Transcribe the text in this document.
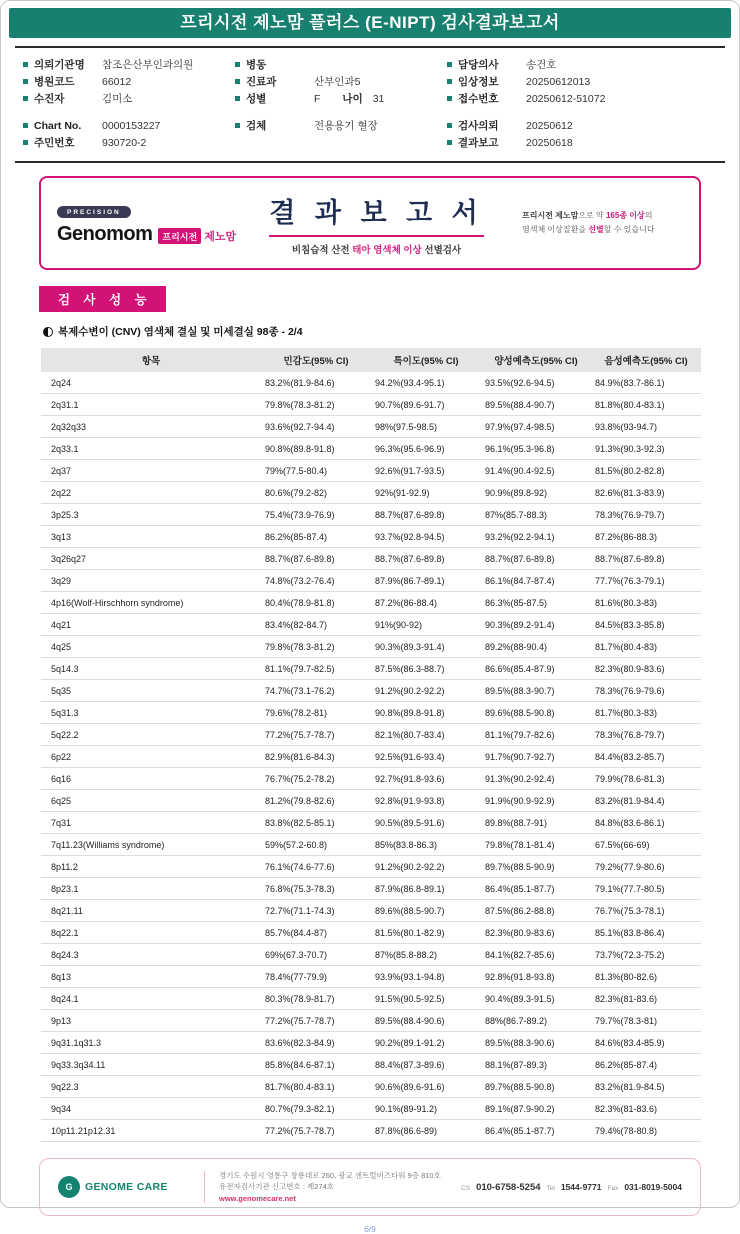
프리시전 제노맘 플러스 (E-NIPT) 검사결과보고서
의뢰기관명	참조은산부인과의원
병원코드	66012
수진자	김미소
Chart No.	0000153227
주민번호	930720-2
병동
진료과	산부인과5
성별	F 나이 31
검체	전용용기 혈장
담당의사	송건호
임상정보	20250612013
접수번호	20250612-51072
검사의뢰	20250612
결과보고	20250618
PRECISION
Genomom	프리시전 제노맘
결 과 보 고 서
비침습적 산전 태아 염색체 이상 선별검사
프리시전 제노맘으로 약 165종 이상의
염색체 이상질환을 선별할 수 있습니다
검 사 성 능
복제수변이 (CNV) 염색체 결실 및 미세결실 98종 - 2/4
항목	민감도(95% CI)	특이도(95% CI)	양성예측도(95% CI)	음성예측도(95% CI)
2q24	83.2%(81.9-84.6)	94.2%(93.4-95.1)	93.5%(92.6-94.5)	84.9%(83.7-86.1)
2q31.1	79.8%(78.3-81.2)	90.7%(89.6-91.7)	89.5%(88.4-90.7)	81.8%(80.4-83.1)
2q32q33	93.6%(92.7-94.4)	98%(97.5-98.5)	97.9%(97.4-98.5)	93.8%(93-94.7)
2q33.1	90.8%(89.8-91.8)	96.3%(95.6-96.9)	96.1%(95.3-96.8)	91.3%(90.3-92.3)
2q37	79%(77.5-80.4)	92.6%(91.7-93.5)	91.4%(90.4-92.5)	81.5%(80.2-82.8)
2q22	80.6%(79.2-82)	92%(91-92.9)	90.9%(89.8-92)	82.6%(81.3-83.9)
3p25.3	75.4%(73.9-76.9)	88.7%(87.6-89.8)	87%(85.7-88.3)	78.3%(76.9-79.7)
3q13	86.2%(85-87.4)	93.7%(92.8-94.5)	93.2%(92.2-94.1)	87.2%(86-88.3)
3q26q27	88.7%(87.6-89.8)	88.7%(87.6-89.8)	88.7%(87.6-89.8)	88.7%(87.6-89.8)
3q29	74.8%(73.2-76.4)	87.9%(86.7-89.1)	86.1%(84.7-87.4)	77.7%(76.3-79.1)
4p16(Wolf-Hirschhorn syndrome)	80.4%(78.9-81.8)	87.2%(86-88.4)	86.3%(85-87.5)	81.6%(80.3-83)
4q21	83.4%(82-84.7)	91%(90-92)	90.3%(89.2-91.4)	84.5%(83.3-85.8)
4q25	79.8%(78.3-81.2)	90.3%(89.3-91.4)	89.2%(88-90.4)	81.7%(80.4-83)
5q14.3	81.1%(79.7-82.5)	87.5%(86.3-88.7)	86.6%(85.4-87.9)	82.3%(80.9-83.6)
5q35	74.7%(73.1-76.2)	91.2%(90.2-92.2)	89.5%(88.3-90.7)	78.3%(76.9-79.6)
5q31.3	79.6%(78.2-81)	90.8%(89.8-91.8)	89.6%(88.5-90.8)	81.7%(80.3-83)
5q22.2	77.2%(75.7-78.7)	82.1%(80.7-83.4)	81.1%(79.7-82.6)	78.3%(76.8-79.7)
6p22	82.9%(81.6-84.3)	92.5%(91.6-93.4)	91.7%(90.7-92.7)	84.4%(83.2-85.7)
6q16	76.7%(75.2-78.2)	92.7%(91.8-93.6)	91.3%(90.2-92.4)	79.9%(78.6-81.3)
6q25	81.2%(79.8-82.6)	92.8%(91.9-93.8)	91.9%(90.9-92.9)	83.2%(81.9-84.4)
7q31	83.8%(82.5-85.1)	90.5%(89.5-91.6)	89.8%(88.7-91)	84.8%(83.6-86.1)
7q11.23(Williams syndrome)	59%(57.2-60.8)	85%(83.8-86.3)	79.8%(78.1-81.4)	67.5%(66-69)
8p11.2	76.1%(74.6-77.6)	91.2%(90.2-92.2)	89.7%(88.5-90.9)	79.2%(77.9-80.6)
8p23.1	76.8%(75.3-78.3)	87.9%(86.8-89.1)	86.4%(85.1-87.7)	79.1%(77.7-80.5)
8q21.11	72.7%(71.1-74.3)	89.6%(88.5-90.7)	87.5%(86.2-88.8)	76.7%(75.3-78.1)
8q22.1	85.7%(84.4-87)	81.5%(80.1-82.9)	82.3%(80.9-83.6)	85.1%(83.8-86.4)
8q24.3	69%(67.3-70.7)	87%(85.8-88.2)	84.1%(82.7-85.6)	73.7%(72.3-75.2)
8q13	78.4%(77-79.9)	93.9%(93.1-94.8)	92.8%(91.8-93.8)	81.3%(80-82.6)
8q24.1	80.3%(78.9-81.7)	91.5%(90.5-92.5)	90.4%(89.3-91.5)	82.3%(81-83.6)
9p13	77.2%(75.7-78.7)	89.5%(88.4-90.6)	88%(86.7-89.2)	79.7%(78.3-81)
9q31.1q31.3	83.6%(82.3-84.9)	90.2%(89.1-91.2)	89.5%(88.3-90.6)	84.6%(83.4-85.9)
9q33.3q34.11	85.8%(84.6-87.1)	88.4%(87.3-89.6)	88.1%(87-89.3)	86.2%(85-87.4)
9q22.3	81.7%(80.4-83.1)	90.6%(89.6-91.6)	89.7%(88.5-90.8)	83.2%(81.9-84.5)
9q34	80.7%(79.3-82.1)	90.1%(89-91.2)	89.1%(87.9-90.2)	82.3%(81-83.6)
10p11.21p12.31	77.2%(75.7-78.7)	87.8%(86.6-89)	86.4%(85.1-87.7)	79.4%(78-80.8)
G	GENOME CARE
경기도 수원시 영통구 창룡대로 260, 광교 센트럴비즈타워 9층 810호
유전자검사기관 신고번호 : 제274호
www.genomecare.net
CS 010-6758-5254 Tel 1544-9771 Fax 031-8019-5004
6/9
